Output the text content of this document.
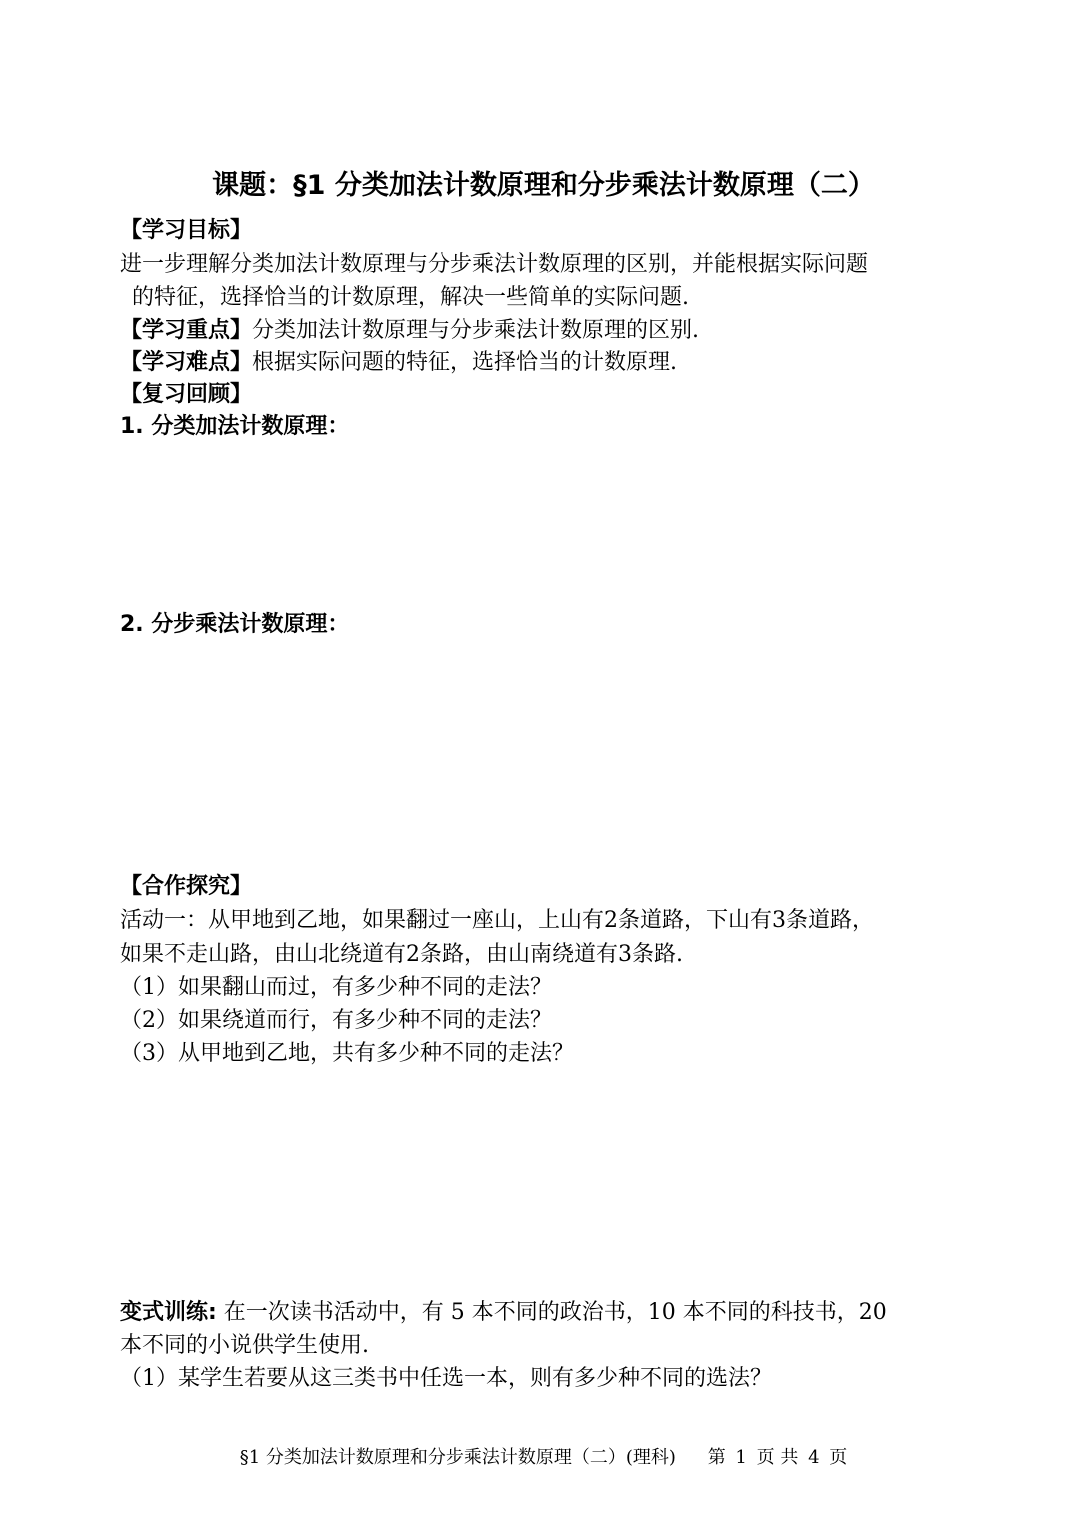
课题：§1 分类加法计数原理和分步乘法计数原理（二）
【学习目标】
进一步理解分类加法计数原理与分步乘法计数原理的区别，并能根据实际问题
的特征，选择恰当的计数原理，解决一些简单的实际问题.
【学习重点】分类加法计数原理与分步乘法计数原理的区别.
【学习难点】根据实际问题的特征，选择恰当的计数原理.
【复习回顾】
1. 分类加法计数原理：
2. 分步乘法计数原理：
【合作探究】
活动一：从甲地到乙地，如果翻过一座山，上山有2条道路，下山有3条道路，
如果不走山路，由山北绕道有2条路，由山南绕道有3条路.
（1）如果翻山而过，有多少种不同的走法？
（2）如果绕道而行，有多少种不同的走法？
（3）从甲地到乙地，共有多少种不同的走法？
变式训练: 在一次读书活动中，有 5 本不同的政治书，10 本不同的科技书，20
本不同的小说供学生使用.
（1）某学生若要从这三类书中任选一本，则有多少种不同的选法？
§1 分类加法计数原理和分步乘法计数原理（二）(理科) 第 1 页 共 4 页
